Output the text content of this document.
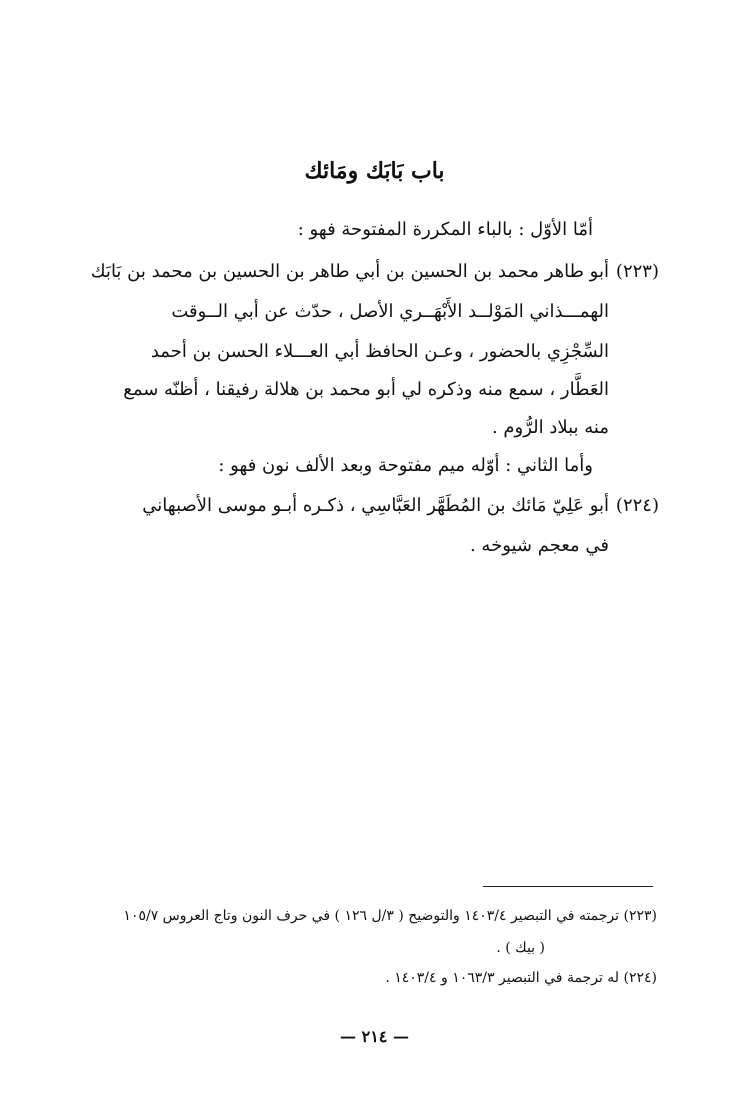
باب بَابَك ومَائك

أمّا الأوّل : بالباء المكررة المفتوحة فهو :

(٢٢٣)

أبو طاهر محمد بن الحسين بن أبي طاهر بن الحسين بن محمد بن بَابَك

الهمـــذاني المَوْلــد الأَبْهَــري الأصل ، حدّث عن أبي الــوقت

السِّجْزِي بالحضور ، وعـن الحافظ أبي العـــلاء الحسن بن أحمد

العَطَّار ، سمع منه وذكره لي أبو محمد بن هلالة رفيقنا ، أظنّه سمع

منه ببلاد الرُّوم .

وأما الثاني : أوّله ميم مفتوحة وبعد الألف نون فهو :

(٢٢٤)

أبو عَلِيّ مَائك بن المُطَهَّر العَبَّاسِي ، ذكـره أبـو موسى الأصبهاني

في معجم شيوخه .

(٢٢٣) ترجمته في التبصير ١٤٠٣/٤ والتوضيح ( ٣/ل ١٢٦ ) في حرف النون وتاج العروس ١٠٥/٧

( بيك ) .

(٢٢٤) له ترجمة في التبصير ١٠٦٣/٣ و ١٤٠٣/٤ .

— ٢١٤ —
